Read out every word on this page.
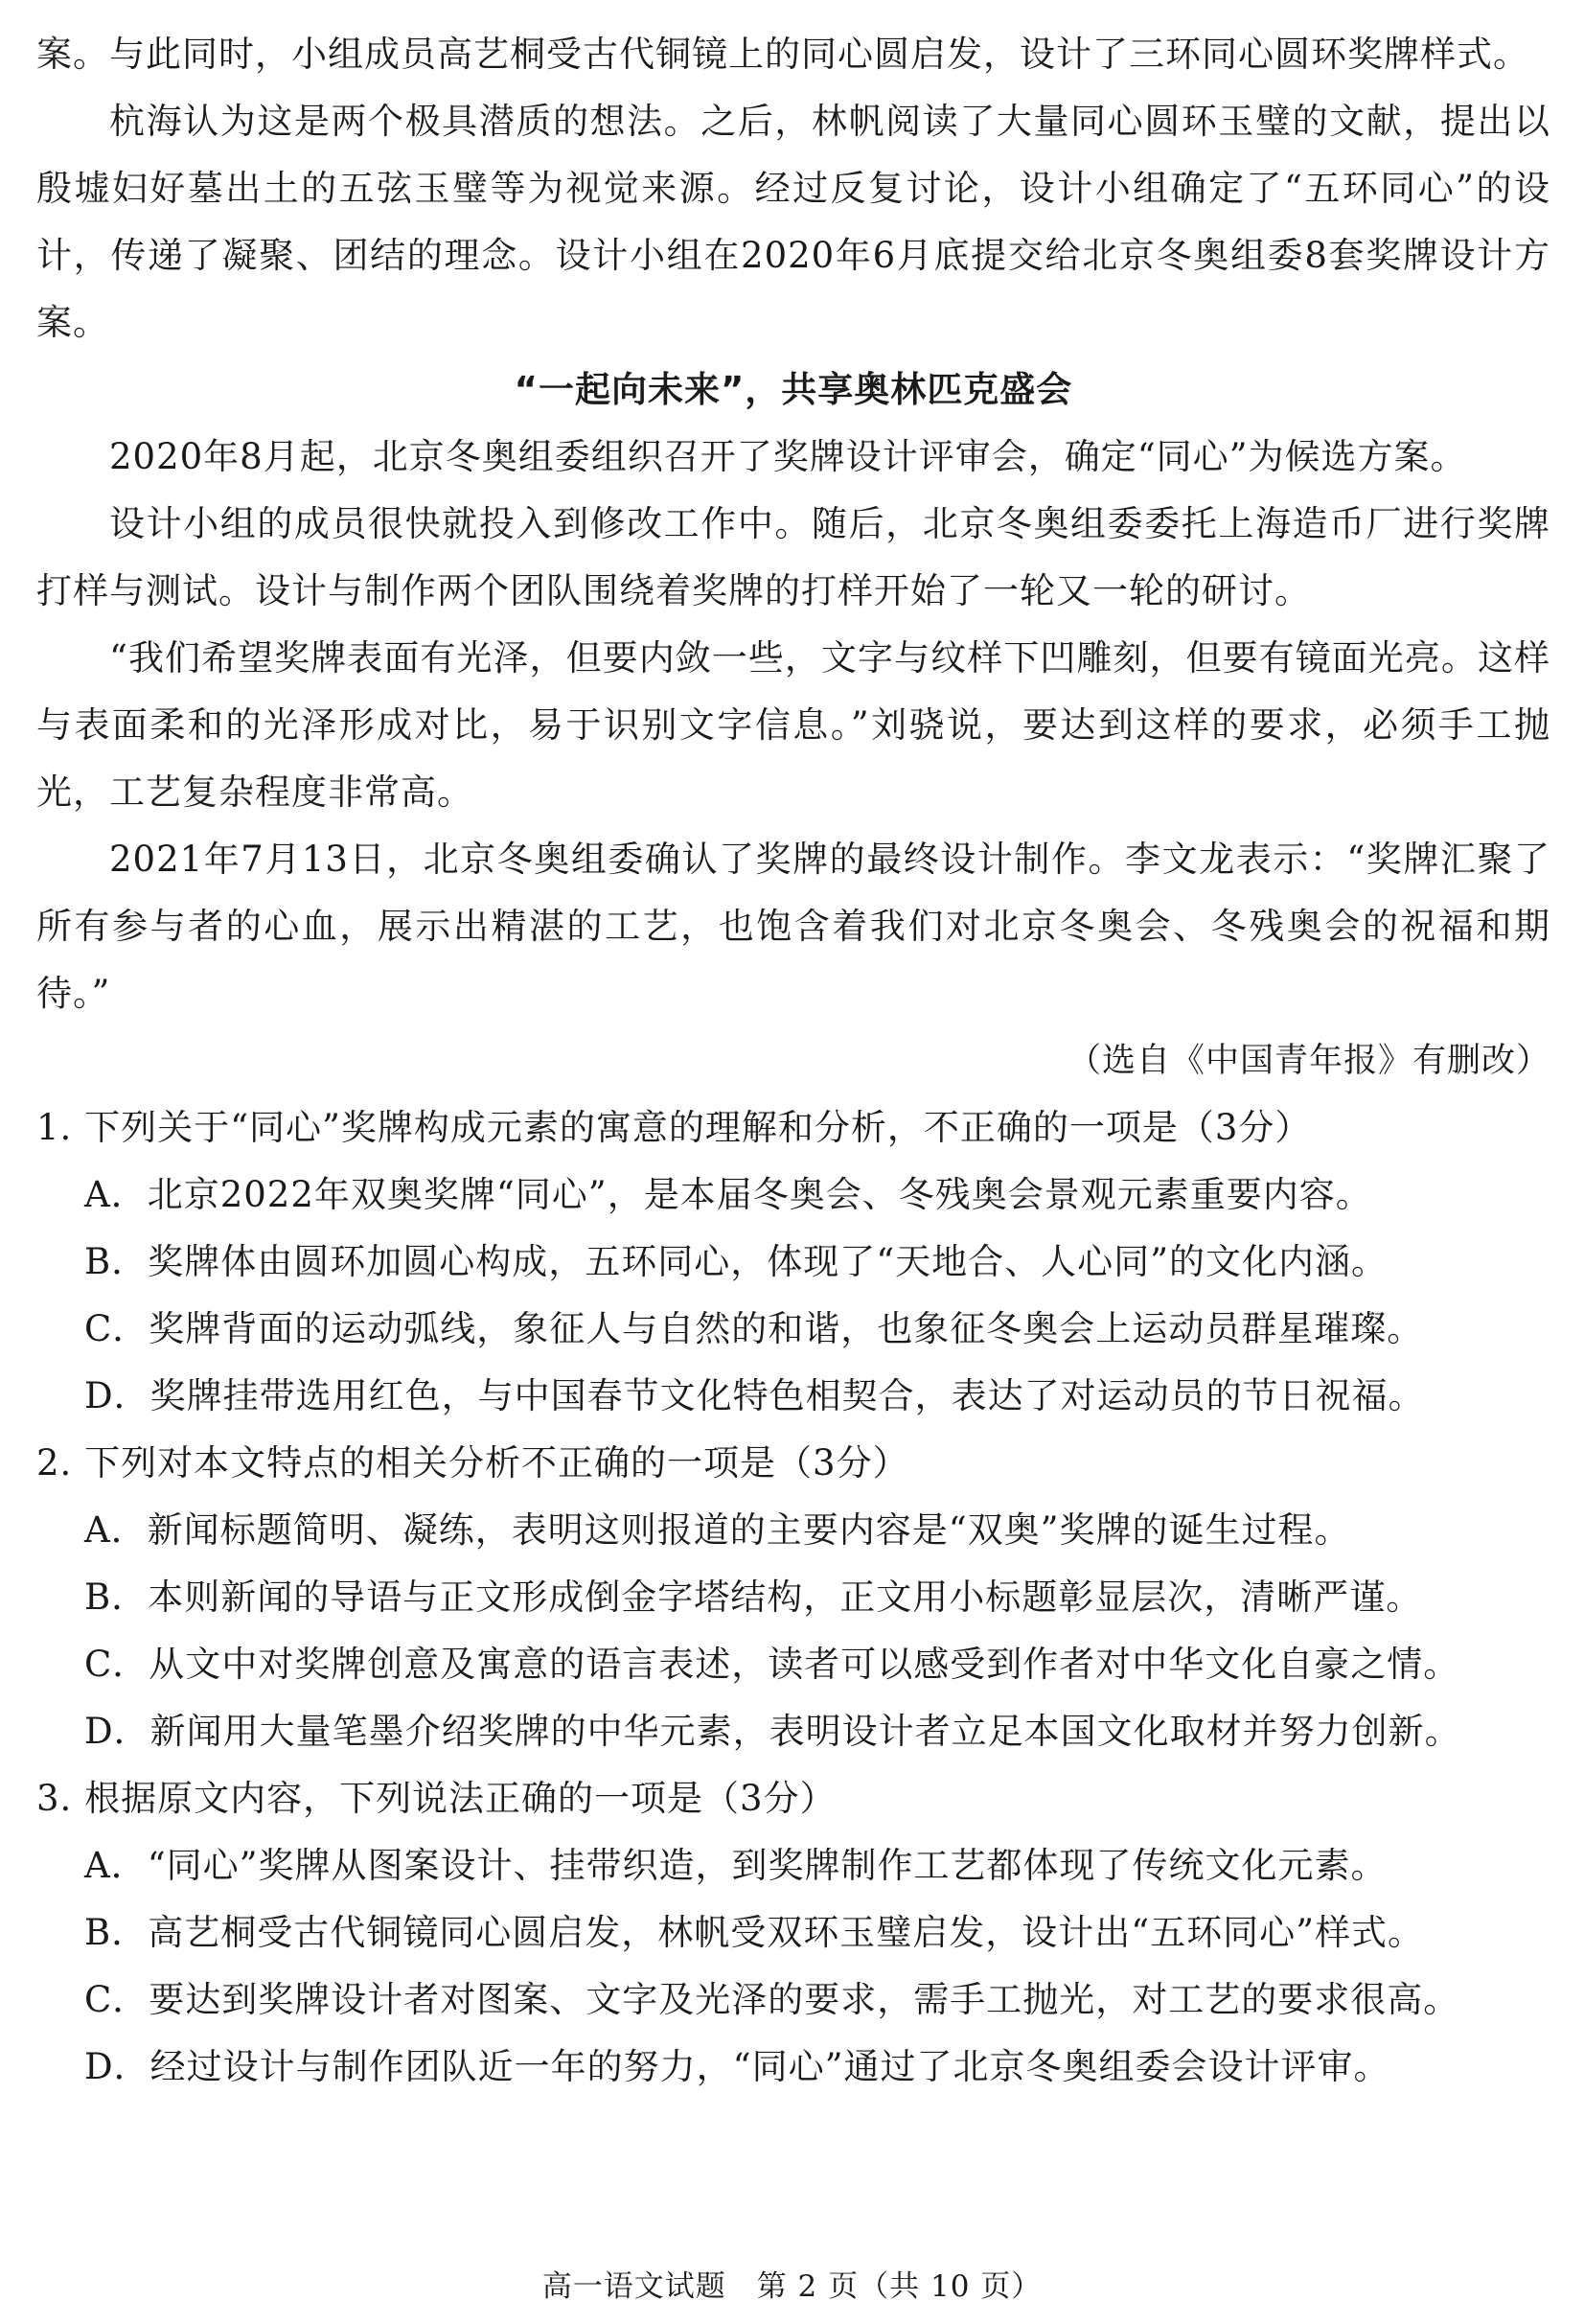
案。与此同时，小组成员高艺桐受古代铜镜上的同心圆启发，设计了三环同心圆环奖牌样式。

杭海认为这是两个极具潜质的想法。之后，林帆阅读了大量同心圆环玉璧的文献，提出以殷墟妇好墓出土的五弦玉璧等为视觉来源。经过反复讨论，设计小组确定了“五环同心”的设计，传递了凝聚、团结的理念。设计小组在2020年6月底提交给北京冬奥组委8套奖牌设计方案。

“一起向未来”，共享奥林匹克盛会

2020年8月起，北京冬奥组委组织召开了奖牌设计评审会，确定“同心”为候选方案。

设计小组的成员很快就投入到修改工作中。随后，北京冬奥组委委托上海造币厂进行奖牌打样与测试。设计与制作两个团队围绕着奖牌的打样开始了一轮又一轮的研讨。

“我们希望奖牌表面有光泽，但要内敛一些，文字与纹样下凹雕刻，但要有镜面光亮。这样与表面柔和的光泽形成对比，易于识别文字信息。”刘骁说，要达到这样的要求，必须手工抛光，工艺复杂程度非常高。

2021年7月13日，北京冬奥组委确认了奖牌的最终设计制作。李文龙表示：“奖牌汇聚了所有参与者的心血，展示出精湛的工艺，也饱含着我们对北京冬奥会、冬残奥会的祝福和期待。”

（选自《中国青年报》有删改）

1. 下列关于“同心”奖牌构成元素的寓意的理解和分析，不正确的一项是（3分）

A．北京2022年双奥奖牌“同心”，是本届冬奥会、冬残奥会景观元素重要内容。

B．奖牌体由圆环加圆心构成，五环同心，体现了“天地合、人心同”的文化内涵。

C．奖牌背面的运动弧线，象征人与自然的和谐，也象征冬奥会上运动员群星璀璨。

D．奖牌挂带选用红色，与中国春节文化特色相契合，表达了对运动员的节日祝福。

2. 下列对本文特点的相关分析不正确的一项是（3分）

A．新闻标题简明、凝练，表明这则报道的主要内容是“双奥”奖牌的诞生过程。

B．本则新闻的导语与正文形成倒金字塔结构，正文用小标题彰显层次，清晰严谨。

C．从文中对奖牌创意及寓意的语言表述，读者可以感受到作者对中华文化自豪之情。

D．新闻用大量笔墨介绍奖牌的中华元素，表明设计者立足本国文化取材并努力创新。

3. 根据原文内容，下列说法正确的一项是（3分）

A．“同心”奖牌从图案设计、挂带织造，到奖牌制作工艺都体现了传统文化元素。

B．高艺桐受古代铜镜同心圆启发，林帆受双环玉璧启发，设计出“五环同心”样式。

C．要达到奖牌设计者对图案、文字及光泽的要求，需手工抛光，对工艺的要求很高。

D．经过设计与制作团队近一年的努力，“同心”通过了北京冬奥组委会设计评审。

高一语文试题　第 2 页（共 10 页）
